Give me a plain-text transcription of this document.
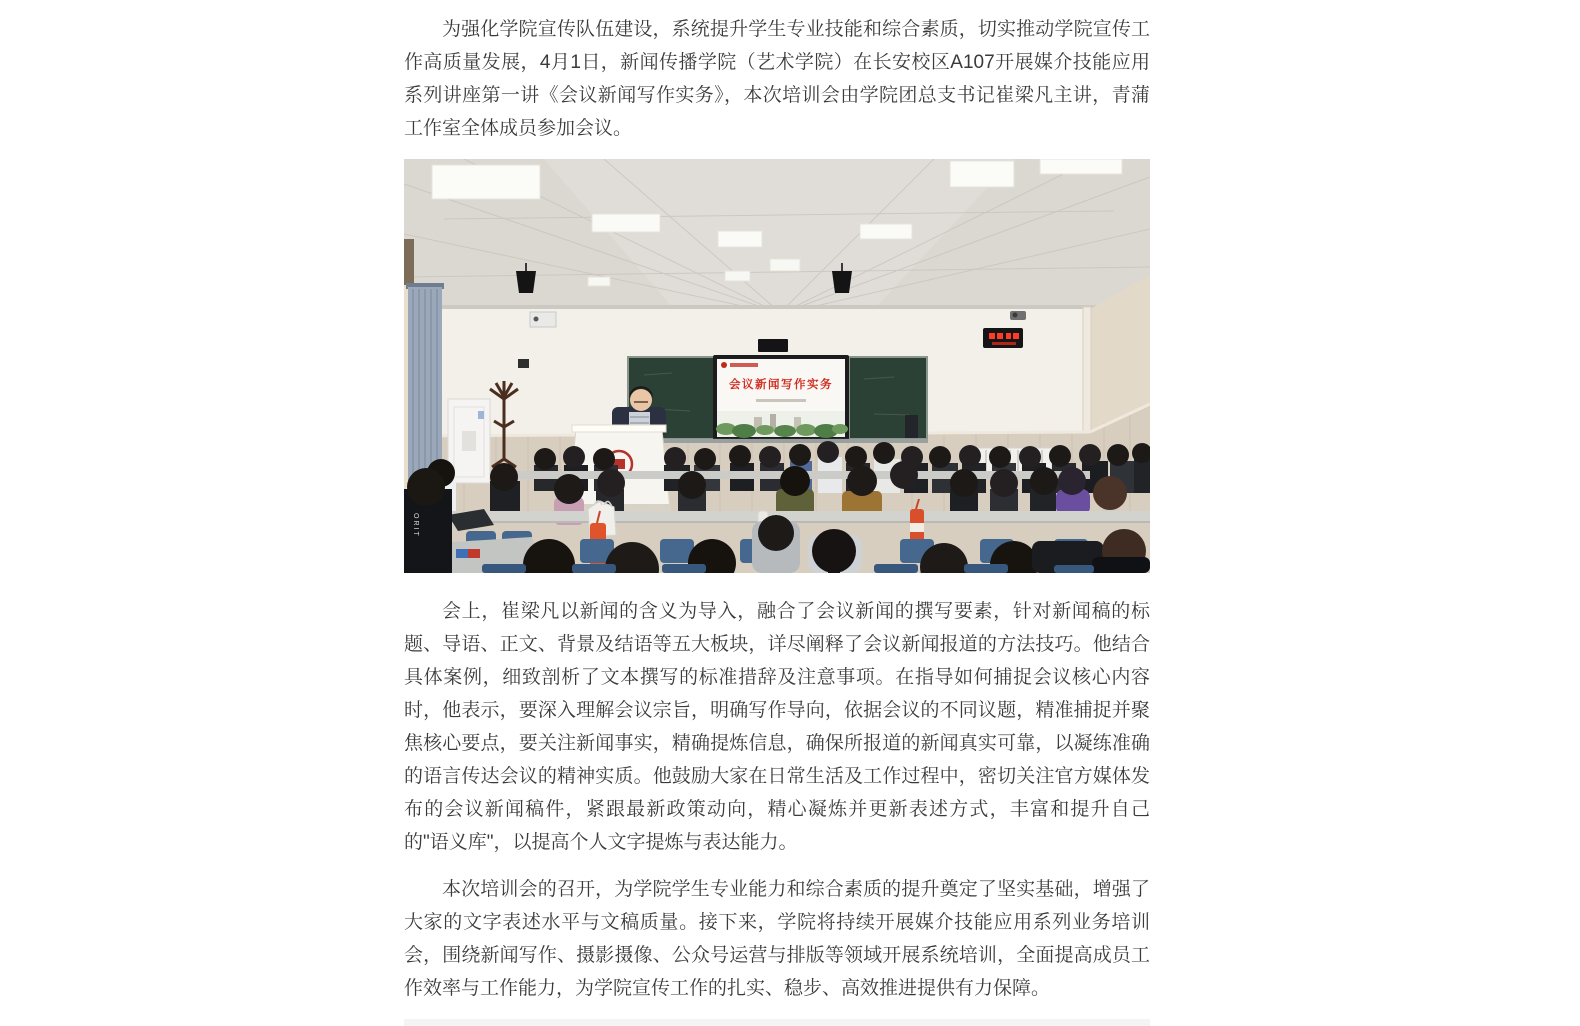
为强化学院宣传队伍建设，系统提升学生专业技能和综合素质，切实推动学院宣传工作高质量发展，4月1日，新闻传播学院（艺术学院）在长安校区A107开展媒介技能应用系列讲座第一讲《会议新闻写作实务》，本次培训会由学院团总支书记崔梁凡主讲，青蒲工作室全体成员参加会议。

会议新闻写作实务
ORIT

会上，崔梁凡以新闻的含义为导入，融合了会议新闻的撰写要素，针对新闻稿的标题、导语、正文、背景及结语等五大板块，详尽阐释了会议新闻报道的方法技巧。他结合具体案例，细致剖析了文本撰写的标准措辞及注意事项。在指导如何捕捉会议核心内容时，他表示，要深入理解会议宗旨，明确写作导向，依据会议的不同议题，精准捕捉并聚焦核心要点，要关注新闻事实，精确提炼信息，确保所报道的新闻真实可靠，以凝练准确的语言传达会议的精神实质。他鼓励大家在日常生活及工作过程中，密切关注官方媒体发布的会议新闻稿件，紧跟最新政策动向，精心凝炼并更新表述方式，丰富和提升自己的"语义库"，以提高个人文字提炼与表达能力。

本次培训会的召开，为学院学生专业能力和综合素质的提升奠定了坚实基础，增强了大家的文字表述水平与文稿质量。接下来，学院将持续开展媒介技能应用系列业务培训会，围绕新闻写作、摄影摄像、公众号运营与排版等领域开展系统培训，全面提高成员工作效率与工作能力，为学院宣传工作的扎实、稳步、高效推进提供有力保障。
